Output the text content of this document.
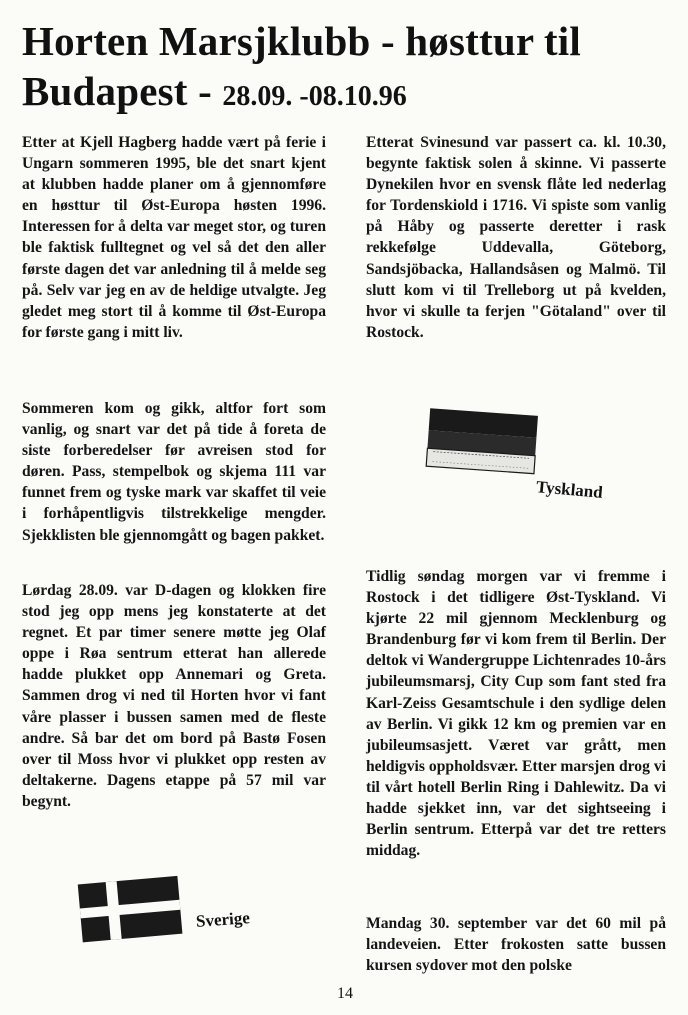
Horten Marsjklubb - høsttur til Budapest - 28.09. -08.10.96

Etter at Kjell Hagberg hadde vært på ferie i Ungarn sommeren 1995, ble det snart kjent at klubben hadde planer om å gjennomføre en høsttur til Øst-Europa høsten 1996. Interessen for å delta var meget stor, og turen ble faktisk fulltegnet og vel så det den aller første dagen det var anledning til å melde seg på. Selv var jeg en av de heldige utvalgte. Jeg gledet meg stort til å komme til Øst-Europa for første gang i mitt liv.

Sommeren kom og gikk, altfor fort som vanlig, og snart var det på tide å foreta de siste forberedelser før avreisen stod for døren. Pass, stempelbok og skjema 111 var funnet frem og tyske mark var skaffet til veie i forhåpentligvis tilstrekkelige mengder. Sjekklisten ble gjennomgått og bagen pakket.

Lørdag 28.09. var D-dagen og klokken fire stod jeg opp mens jeg konstaterte at det regnet. Et par timer senere møtte jeg Olaf oppe i Røa sentrum etterat han allerede hadde plukket opp Annemari og Greta. Sammen drog vi ned til Horten hvor vi fant våre plasser i bussen samen med de fleste andre. Så bar det om bord på Bastø Fosen over til Moss hvor vi plukket opp resten av deltakerne. Dagens etappe på 57 mil var begynt.

Sverige

Etterat Svinesund var passert ca. kl. 10.30, begynte faktisk solen å skinne. Vi passerte Dynekilen hvor en svensk flåte led nederlag for Tordenskiold i 1716. Vi spiste som vanlig på Håby og passerte deretter i rask rekkefølge Uddevalla, Göteborg, Sandsjöbacka, Hallandsåsen og Malmö. Til slutt kom vi til Trelleborg ut på kvelden, hvor vi skulle ta ferjen "Götaland" over til Rostock.

Tyskland

Tidlig søndag morgen var vi fremme i Rostock i det tidligere Øst-Tyskland. Vi kjørte 22 mil gjennom Mecklenburg og Brandenburg før vi kom frem til Berlin. Der deltok vi Wandergruppe Lichtenrades 10-års jubileumsmarsj, City Cup som fant sted fra Karl-Zeiss Gesamtschule i den sydlige delen av Berlin. Vi gikk 12 km og premien var en jubileumsasjett. Været var grått, men heldigvis oppholdsvær. Etter marsjen drog vi til vårt hotell Berlin Ring i Dahlewitz. Da vi hadde sjekket inn, var det sightseeing i Berlin sentrum. Etterpå var det tre retters middag.

Mandag 30. september var det 60 mil på landeveien. Etter frokosten satte bussen kursen sydover mot den polske

14
